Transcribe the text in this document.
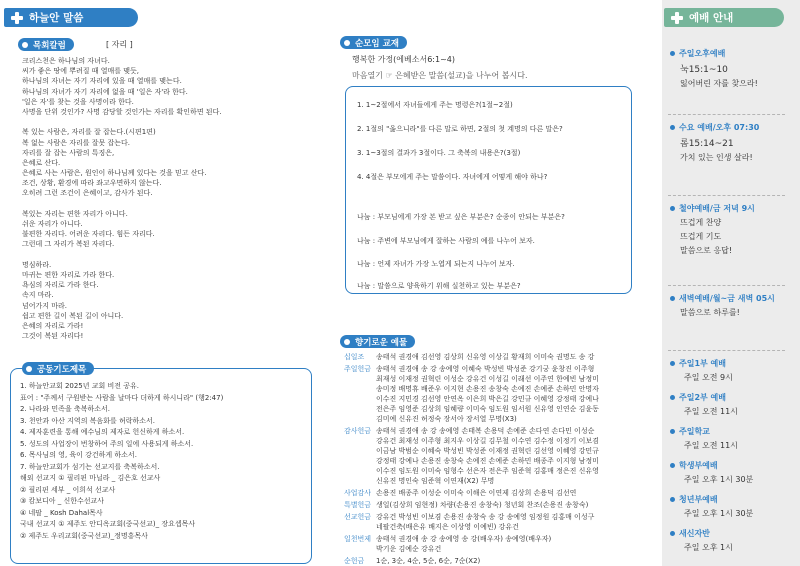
하늘안 말씀
목회칼럼	[ 자리 ]
크리스천은 하나님의 자녀다.
씨가 좋은 땅에 뿌려질 때 열매를 맺듯,
하나님의 자녀는 자기 자리에 있을 때 열매를 맺는다.
하나님의 자녀가 자기 자리에 없을 때 '일은 자'라 한다.
'일은 자'를 찾는 것을 사명이라 한다.
사명을 단위 것인가? 사명 감당할 것인가는 자리를 확인하면 된다.
복 있는 사람은, 자리를 잘 잡는다.(시편1편)
복 없는 사람은 자리를 잘못 잡는다.
자리를 잘 잡는 사람의 특징은,
은혜로 산다.
은혜로 사는 사람은, 원인이 하나님께 있다는 것을 믿고 산다.
조건, 상황, 환경에 따라 좌고우면하지 않는다.
오히려 그런 조건이 은혜이고, 감사가 된다.
복있는 자리는 편한 자리가 아니다.
쉬운 자리가 아니다.
불편한 자리다. 어려운 자리다. 힘든 자리다.
그런데 그 자리가 복된 자리다.
명심하라.
마귀는 편한 자리로 가라 한다.
욕심의 자리로 가라 한다.
속지 마라.
넘어가지 마라.
쉽고 편한 길이 복된 길이 아니다.
은혜의 자리로 가라!
그것이 복된 자리다!
공동기도제목
1. 하늘안교회 2025년 교회 비전 공유.
표어 : "주께서 구원받는 사람을 날마다 더하게 하시니라" (행2:47)
2. 나라와 민족을 축복하소서.
3. 천안과 아산 지역의 복음화를 허락하소서.
4. 제자훈련을 통해 예수님의 제자로 헌신하게 하소서.
5. 성도의 사업장이 번창하여 주의 일에 사용되게 하소서.
6. 목사님의 영, 육이 강건하게 하소서.
7. 하늘안교회가 섬기는 선교지를 축복하소서.
해외 선교지 ① 필리핀 마닐라 _ 김은호 선교사
② 필리핀 세부 _ 이희석 선교사
③ 캄보디아 _ 신한수선교사
④ 네팔 _ Kosh Dahal목사
국내 선교지 ① 제주도 안디옥교회(중국선교)_ 장요셉목사
② 제주도 우리교회(중국선교)_정명흥목사
순모임 교재
행복한 가정(에베소서6:1~4)
마음열기 ☞ 은혜받은 말씀(설교)을 나누어 봅시다.
1. 1~2절에서 자녀들에게 주는 명령은?(1절~2절)
2. 1절의 "옳으니라"를 다른 말로 하면, 2절의 첫 계명의 다른 말은?
3. 1~3절의 결과가 3절이다. 그 축복의 내용은?(3절)
4. 4절은 부모에게 주는 말씀이다. 자녀에게 어떻게 해야 하나?
나눔 : 부모님에게 가장 본 받고 싶은 부분은? 순종이 안되는 부분은?
나눔 : 주변에 부모님에게 잘하는 사람의 예를 나누어 보자.
나눔 : 언제 자녀가 가장 노엽게 되는지 나누어 보자.
나눔 : 말씀으로 양육하기 위해 실천하고 있는 부분은?
향기로운 예물
십일조 송태석 권경애 김선영 김상희 신유영 이상길 황재희 이미숙 권명도 송 강
주일헌금 송태석 권경애 송 강 송예영 이혜숙 박성빈 박성준 강기궁 윤창진 이주형
최재성 이재정 권혁린 이성순 강유건 이성길 이래선 이주연 한예빈 남정미
송미정 배명휴 배준우 이지현 손용진 송창숙 손예진 손예준 손하민 안명자
이수진 지민경 김선영 안연옥 이은희 박은길 강민규 이혜영 강정태 강예나
전은주 임영준 김상희 임혜량 이미숙 임도원 임서원 신유영 인연순 김윤동
김미예 신유진 허정숙 장서아 장서열 무명(X3)
감사헌금 송태석 권경애 송 강 송예영 손태복 손용덕 손예준 손다연 손다민 이성순
강유건 최재성 이주형 최지우 이상길 김무철 이수연 김수정 이정기 이보겸
이금남 박범순 이혜숙 박성빈 박성준 이재정 권혁린 김선영 이혜영 강민규
강정태 강예나 손용진 송창숙 손예진 손예준 손하민 배종주 이지형 남정미
이수진 임도원 이미숙 임형수 선은자 전은주 임준혁 김홍매 정은진 신유영
신유진 명인숙 임준혁 이연재(X2) 무명
사업감사 손용진 배종주 이성순 이미숙 이해은 이연제 김상희 손용덕 김선연
특별헌금 생일(김상희 임현정) 차량(손용진 송창숙) 청년회 찬조(손용진 송창숙)
선교헌금 강유건 박성빈 이보겸 손용진 송창숙 송 강 송예영 임정원 김홍매 이성구
네팔건축(배은유 배지은 이상영 이예빈) 강유건
일천번제 송태석 권경애 송 강 송예영 송 강(배우자) 송예영(배우자)
박기운 김예순 강유건
순헌금 1순, 3순, 4순, 5순, 6순, 7순(X2)
예배 안내
주일오후예배
눅15:1~10
잃어버린 자를 찾으라!
수요 예배/오후 07:30
롬15:14~21
가치 있는 인생 살라!
철야예배/금 저녁 9시
뜨겁게 찬양
뜨겁게 기도
말씀으로 응답!
새벽예배/월~금 새벽 05시
말씀으로 하루를!
주일1부 예배
주일 오전 9시
주일2부 예배
주일 오전 11시
주일학교
주일 오전 11시
학생부예배
주일 오후 1시 30분
청년부예배
주일 오후 1시 30분
새신자반
주일 오후 1시
